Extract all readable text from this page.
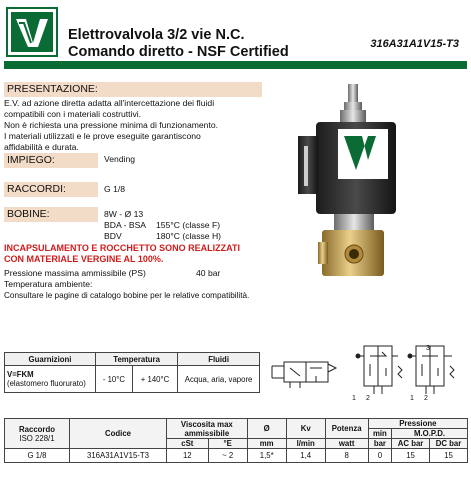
Elettrovalvola 3/2 vie N.C.
Comando diretto - NSF Certified	316A31A1V15-T3
PRESENTAZIONE:
E.V. ad azione diretta adatta all'intercettazione dei fluidi
compatibili con i materiali costruttivi.
Non è richiesta una pressione minima di funzionamento.
I materiali utilizzati e le prove eseguite garantiscono
affidabilità e durata.
IMPIEGO:	Vending
RACCORDI:	G 1/8
BOBINE:	8W - Ø 13
BDA - BSA 155°C (classe F)
BDV	180°C (classe H)
INCAPSULAMENTO E ROCCHETTO SONO REALIZZATI
CON MATERIALE VERGINE AL 100%.
Pressione massima ammissibile (PS)	40 bar
Temperatura ambiente:
Consultare le pagine di catalogo bobine per le relative compatibilità.
Guarnizioni	Temperatura		Fluidi

V=FKM
(elastomero fluorurato)	- 10°C	+ 140°C	Acqua, aria, vapore
1 2	1 2
3
Raccordo
ISO 228/1	Codice	Viscosita max ammissibile		Ø	Kv	Potenza	Pressione		
							min	M.O.P.D.	
		cSt	°E	mm	l/min	watt	bar	AC bar	DC bar
G 1/8	316A31A1V15-T3	12	~ 2	1,5*	1,4	8	0	15	15
